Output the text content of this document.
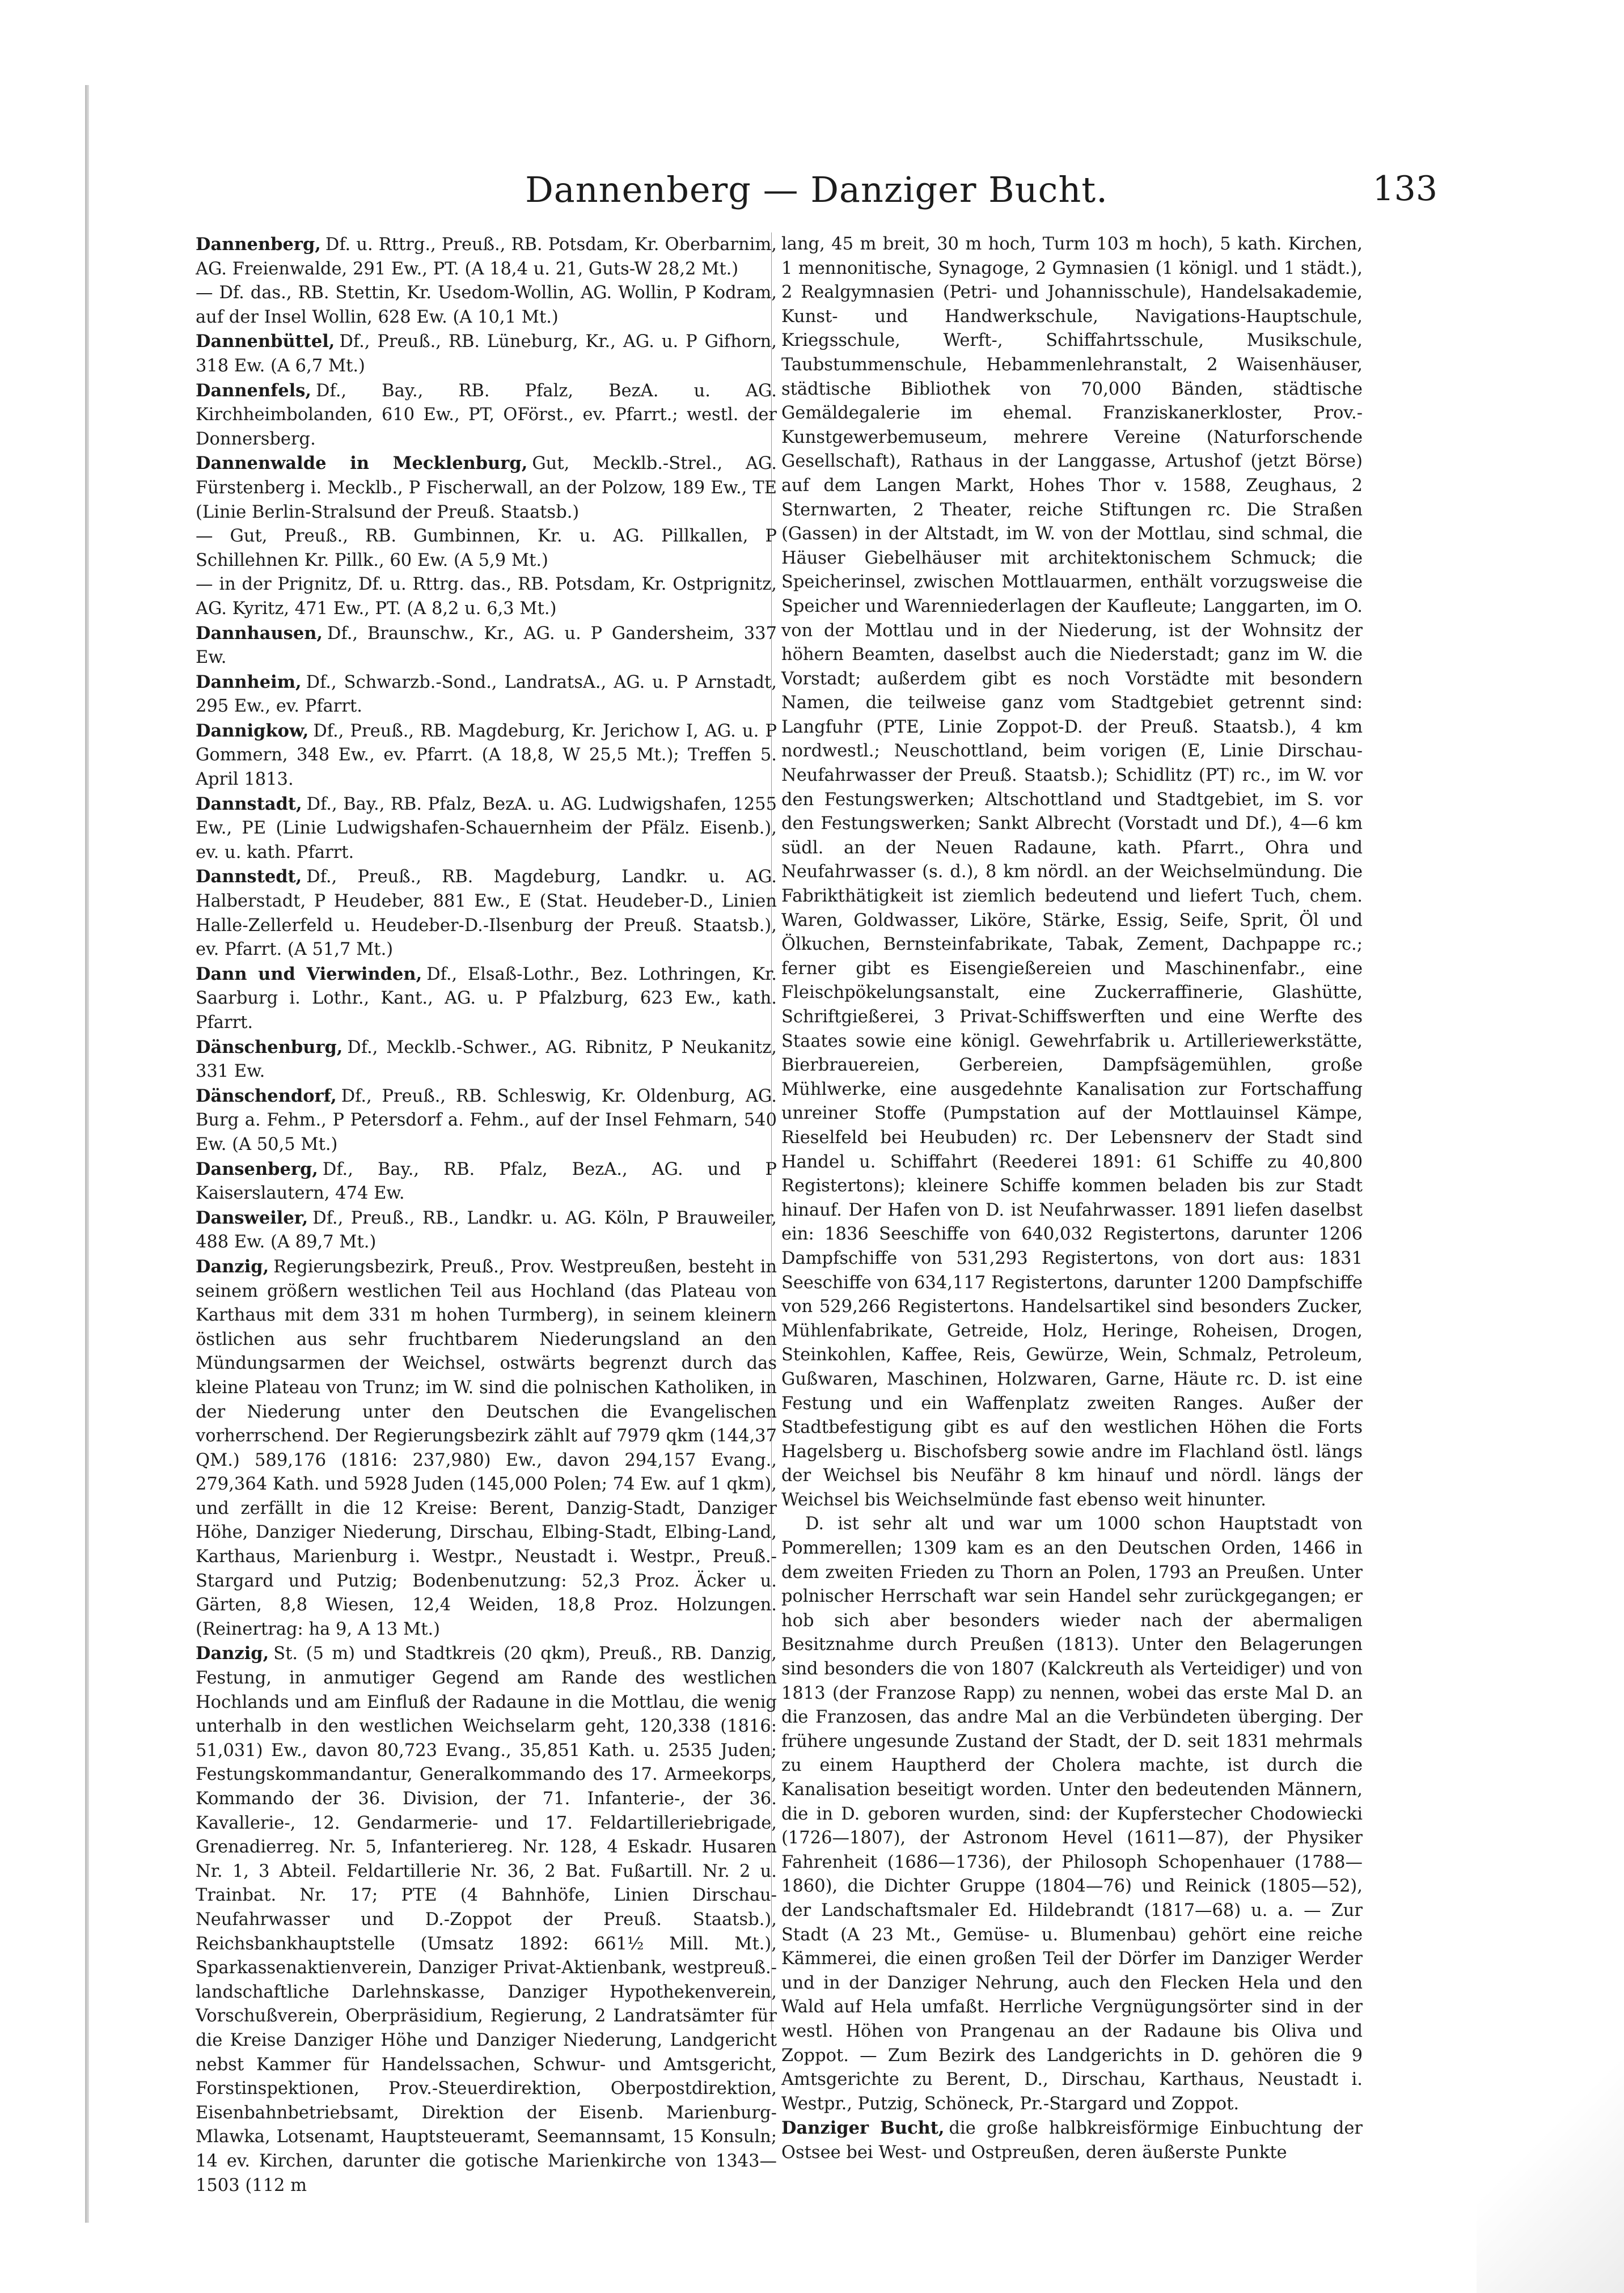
Dannenberg — Danziger Bucht.	133

Dannenberg, Df. u. Rttrg., Preuß., RB. Potsdam, Kr. Oberbarnim, AG. Freienwalde, 291 Ew., PT. (A 18,4 u. 21, Guts-W 28,2 Mt.)

— Df. das., RB. Stettin, Kr. Usedom-Wollin, AG. Wollin, P Kodram, auf der Insel Wollin, 628 Ew. (A 10,1 Mt.)

Dannenbüttel, Df., Preuß., RB. Lüneburg, Kr., AG. u. P Gifhorn, 318 Ew. (A 6,7 Mt.)

Dannenfels, Df., Bay., RB. Pfalz, BezA. u. AG. Kirchheimbolanden, 610 Ew., PT, OFörst., ev. Pfarrt.; westl. der Donnersberg.

Dannenwalde in Mecklenburg, Gut, Mecklb.-Strel., AG. Fürstenberg i. Mecklb., P Fischerwall, an der Polzow, 189 Ew., TE (Linie Berlin-Stralsund der Preuß. Staatsb.)

— Gut, Preuß., RB. Gumbinnen, Kr. u. AG. Pillkallen, P Schillehnen Kr. Pillk., 60 Ew. (A 5,9 Mt.)

— in der Prignitz, Df. u. Rttrg. das., RB. Potsdam, Kr. Ostprignitz, AG. Kyritz, 471 Ew., PT. (A 8,2 u. 6,3 Mt.)

Dannhausen, Df., Braunschw., Kr., AG. u. P Gandersheim, 337 Ew.

Dannheim, Df., Schwarzb.-Sond., LandratsA., AG. u. P Arnstadt, 295 Ew., ev. Pfarrt.

Dannigkow, Df., Preuß., RB. Magdeburg, Kr. Jerichow I, AG. u. P Gommern, 348 Ew., ev. Pfarrt. (A 18,8, W 25,5 Mt.); Treffen 5. April 1813.

Dannstadt, Df., Bay., RB. Pfalz, BezA. u. AG. Ludwigshafen, 1255 Ew., PE (Linie Ludwigshafen-Schauernheim der Pfälz. Eisenb.), ev. u. kath. Pfarrt.

Dannstedt, Df., Preuß., RB. Magdeburg, Landkr. u. AG. Halberstadt, P Heudeber, 881 Ew., E (Stat. Heudeber-D., Linien Halle-Zellerfeld u. Heudeber-D.-Ilsenburg der Preuß. Staatsb.), ev. Pfarrt. (A 51,7 Mt.)

Dann und Vierwinden, Df., Elsaß-Lothr., Bez. Lothringen, Kr. Saarburg i. Lothr., Kant., AG. u. P Pfalzburg, 623 Ew., kath. Pfarrt.

Dänschenburg, Df., Mecklb.-Schwer., AG. Ribnitz, P Neukanitz, 331 Ew.

Dänschendorf, Df., Preuß., RB. Schleswig, Kr. Oldenburg, AG. Burg a. Fehm., P Petersdorf a. Fehm., auf der Insel Fehmarn, 540 Ew. (A 50,5 Mt.)

Dansenberg, Df., Bay., RB. Pfalz, BezA., AG. und P Kaiserslautern, 474 Ew.

Dansweiler, Df., Preuß., RB., Landkr. u. AG. Köln, P Brauweiler, 488 Ew. (A 89,7 Mt.)

Danzig, Regierungsbezirk, Preuß., Prov. Westpreußen, besteht in seinem größern westlichen Teil aus Hochland (das Plateau von Karthaus mit dem 331 m hohen Turmberg), in seinem kleinern östlichen aus sehr fruchtbarem Niederungsland an den Mündungsarmen der Weichsel, ostwärts begrenzt durch das kleine Plateau von Trunz; im W. sind die polnischen Katholiken, in der Niederung unter den Deutschen die Evangelischen vorherrschend. Der Regierungsbezirk zählt auf 7979 qkm (144,37 QM.) 589,176 (1816: 237,980) Ew., davon 294,157 Evang., 279,364 Kath. und 5928 Juden (145,000 Polen; 74 Ew. auf 1 qkm), und zerfällt in die 12 Kreise: Berent, Danzig-Stadt, Danziger Höhe, Danziger Niederung, Dirschau, Elbing-Stadt, Elbing-Land, Karthaus, Marienburg i. Westpr., Neustadt i. Westpr., Preuß.-Stargard und Putzig; Bodenbenutzung: 52,3 Proz. Äcker u. Gärten, 8,8 Wiesen, 12,4 Weiden, 18,8 Proz. Holzungen. (Reinertrag: ha 9, A 13 Mt.)

Danzig, St. (5 m) und Stadtkreis (20 qkm), Preuß., RB. Danzig, Festung, in anmutiger Gegend am Rande des westlichen Hochlands und am Einfluß der Radaune in die Mottlau, die wenig unterhalb in den westlichen Weichselarm geht, 120,338 (1816: 51,031) Ew., davon 80,723 Evang., 35,851 Kath. u. 2535 Juden; Festungskommandantur, Generalkommando des 17. Armeekorps, Kommando der 36. Division, der 71. Infanterie-, der 36. Kavallerie-, 12. Gendarmerie- und 17. Feldartilleriebrigade, Grenadierreg. Nr. 5, Infanteriereg. Nr. 128, 4 Eskadr. Husaren Nr. 1, 3 Abteil. Feldartillerie Nr. 36, 2 Bat. Fußartill. Nr. 2 u. Trainbat. Nr. 17; PTE (4 Bahnhöfe, Linien Dirschau-Neufahrwasser und D.-Zoppot der Preuß. Staatsb.), Reichsbankhauptstelle (Umsatz 1892: 661½ Mill. Mt.), Sparkassenaktienverein, Danziger Privat-Aktienbank, westpreuß.-landschaftliche Darlehnskasse, Danziger Hypothekenverein, Vorschußverein, Oberpräsidium, Regierung, 2 Landratsämter für die Kreise Danziger Höhe und Danziger Niederung, Landgericht nebst Kammer für Handelssachen, Schwur- und Amtsgericht, Forstinspektionen, Prov.-Steuerdirektion, Oberpostdirektion, Eisenbahnbetriebsamt, Direktion der Eisenb. Marienburg-Mlawka, Lotsenamt, Hauptsteueramt, Seemannsamt, 15 Konsuln; 14 ev. Kirchen, darunter die gotische Marienkirche von 1343—1503 (112 m

lang, 45 m breit, 30 m hoch, Turm 103 m hoch), 5 kath. Kirchen, 1 mennonitische, Synagoge, 2 Gymnasien (1 königl. und 1 städt.), 2 Realgymnasien (Petri- und Johannisschule), Handelsakademie, Kunst- und Handwerkschule, Navigations-Hauptschule, Kriegsschule, Werft-, Schiffahrtsschule, Musikschule, Taubstummenschule, Hebammenlehranstalt, 2 Waisenhäuser, städtische Bibliothek von 70,000 Bänden, städtische Gemäldegalerie im ehemal. Franziskanerkloster, Prov.-Kunstgewerbemuseum, mehrere Vereine (Naturforschende Gesellschaft), Rathaus in der Langgasse, Artushof (jetzt Börse) auf dem Langen Markt, Hohes Thor v. 1588, Zeughaus, 2 Sternwarten, 2 Theater, reiche Stiftungen rc. Die Straßen (Gassen) in der Altstadt, im W. von der Mottlau, sind schmal, die Häuser Giebelhäuser mit architektonischem Schmuck; die Speicherinsel, zwischen Mottlauarmen, enthält vorzugsweise die Speicher und Warenniederlagen der Kaufleute; Langgarten, im O. von der Mottlau und in der Niederung, ist der Wohnsitz der höhern Beamten, daselbst auch die Niederstadt; ganz im W. die Vorstadt; außerdem gibt es noch Vorstädte mit besondern Namen, die teilweise ganz vom Stadtgebiet getrennt sind: Langfuhr (PTE, Linie Zoppot-D. der Preuß. Staatsb.), 4 km nordwestl.; Neuschottland, beim vorigen (E, Linie Dirschau-Neufahrwasser der Preuß. Staatsb.); Schidlitz (PT) rc., im W. vor den Festungswerken; Altschottland und Stadtgebiet, im S. vor den Festungswerken; Sankt Albrecht (Vorstadt und Df.), 4—6 km südl. an der Neuen Radaune, kath. Pfarrt., Ohra und Neufahrwasser (s. d.), 8 km nördl. an der Weichselmündung. Die Fabrikthätigkeit ist ziemlich bedeutend und liefert Tuch, chem. Waren, Goldwasser, Liköre, Stärke, Essig, Seife, Sprit, Öl und Ölkuchen, Bernsteinfabrikate, Tabak, Zement, Dachpappe rc.; ferner gibt es Eisengießereien und Maschinenfabr., eine Fleischpökelungsanstalt, eine Zuckerraffinerie, Glashütte, Schriftgießerei, 3 Privat-Schiffswerften und eine Werfte des Staates sowie eine königl. Gewehrfabrik u. Artilleriewerkstätte, Bierbrauereien, Gerbereien, Dampfsägemühlen, große Mühlwerke, eine ausgedehnte Kanalisation zur Fortschaffung unreiner Stoffe (Pumpstation auf der Mottlauinsel Kämpe, Rieselfeld bei Heubuden) rc. Der Lebensnerv der Stadt sind Handel u. Schiffahrt (Reederei 1891: 61 Schiffe zu 40,800 Registertons); kleinere Schiffe kommen beladen bis zur Stadt hinauf. Der Hafen von D. ist Neufahrwasser. 1891 liefen daselbst ein: 1836 Seeschiffe von 640,032 Registertons, darunter 1206 Dampfschiffe von 531,293 Registertons, von dort aus: 1831 Seeschiffe von 634,117 Registertons, darunter 1200 Dampfschiffe von 529,266 Registertons. Handelsartikel sind besonders Zucker, Mühlenfabrikate, Getreide, Holz, Heringe, Roheisen, Drogen, Steinkohlen, Kaffee, Reis, Gewürze, Wein, Schmalz, Petroleum, Gußwaren, Maschinen, Holzwaren, Garne, Häute rc. D. ist eine Festung und ein Waffenplatz zweiten Ranges. Außer der Stadtbefestigung gibt es auf den westlichen Höhen die Forts Hagelsberg u. Bischofsberg sowie andre im Flachland östl. längs der Weichsel bis Neufähr 8 km hinauf und nördl. längs der Weichsel bis Weichselmünde fast ebenso weit hinunter.

D. ist sehr alt und war um 1000 schon Hauptstadt von Pommerellen; 1309 kam es an den Deutschen Orden, 1466 in dem zweiten Frieden zu Thorn an Polen, 1793 an Preußen. Unter polnischer Herrschaft war sein Handel sehr zurückgegangen; er hob sich aber besonders wieder nach der abermaligen Besitznahme durch Preußen (1813). Unter den Belagerungen sind besonders die von 1807 (Kalckreuth als Verteidiger) und von 1813 (der Franzose Rapp) zu nennen, wobei das erste Mal D. an die Franzosen, das andre Mal an die Verbündeten überging. Der frühere ungesunde Zustand der Stadt, der D. seit 1831 mehrmals zu einem Hauptherd der Cholera machte, ist durch die Kanalisation beseitigt worden. Unter den bedeutenden Männern, die in D. geboren wurden, sind: der Kupferstecher Chodowiecki (1726—1807), der Astronom Hevel (1611—87), der Physiker Fahrenheit (1686—1736), der Philosoph Schopenhauer (1788—1860), die Dichter Gruppe (1804—76) und Reinick (1805—52), der Landschaftsmaler Ed. Hildebrandt (1817—68) u. a. — Zur Stadt (A 23 Mt., Gemüse- u. Blumenbau) gehört eine reiche Kämmerei, die einen großen Teil der Dörfer im Danziger Werder und in der Danziger Nehrung, auch den Flecken Hela und den Wald auf Hela umfaßt. Herrliche Vergnügungsörter sind in der westl. Höhen von Prangenau an der Radaune bis Oliva und Zoppot. — Zum Bezirk des Landgerichts in D. gehören die 9 Amtsgerichte zu Berent, D., Dirschau, Karthaus, Neustadt i. Westpr., Putzig, Schöneck, Pr.-Stargard und Zoppot.

Danziger Bucht, die große halbkreisförmige Einbuchtung der Ostsee bei West- und Ostpreußen, deren äußerste Punkte
